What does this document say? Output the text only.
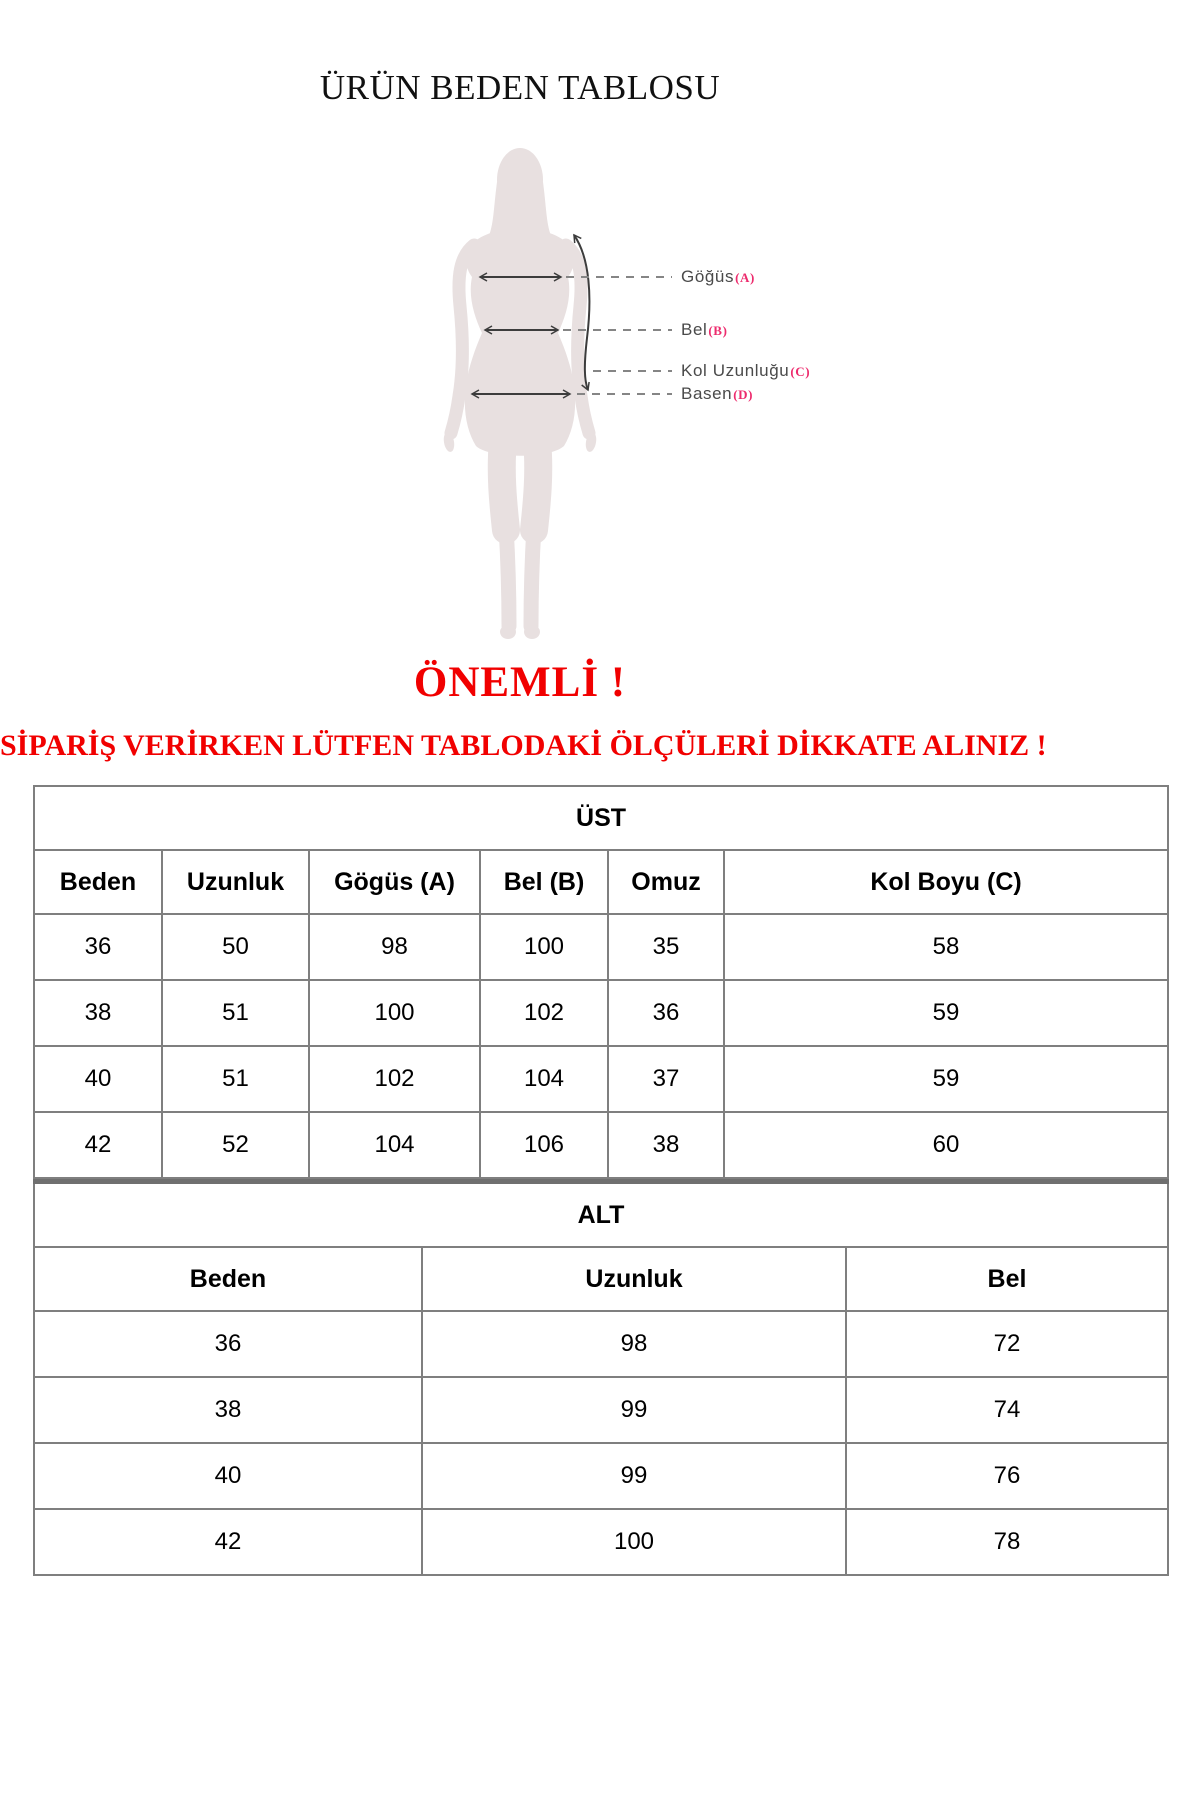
ÜRÜN BEDEN TABLOSU
Göğüs(A)
Bel(B)
Kol Uzunluğu(C)
Basen(D)
ÖNEMLİ !
SİPARİŞ VERİRKEN LÜTFEN TABLODAKİ ÖLÇÜLERİ DİKKATE ALINIZ !
ÜST					
Beden	Uzunluk	Gögüs (A)	Bel (B)	Omuz	Kol Boyu (C)
36	50	98	100	35	58
38	51	100	102	36	59
40	51	102	104	37	59
42	52	104	106	38	60
ALT		
Beden	Uzunluk	Bel
36	98	72
38	99	74
40	99	76
42	100	78
